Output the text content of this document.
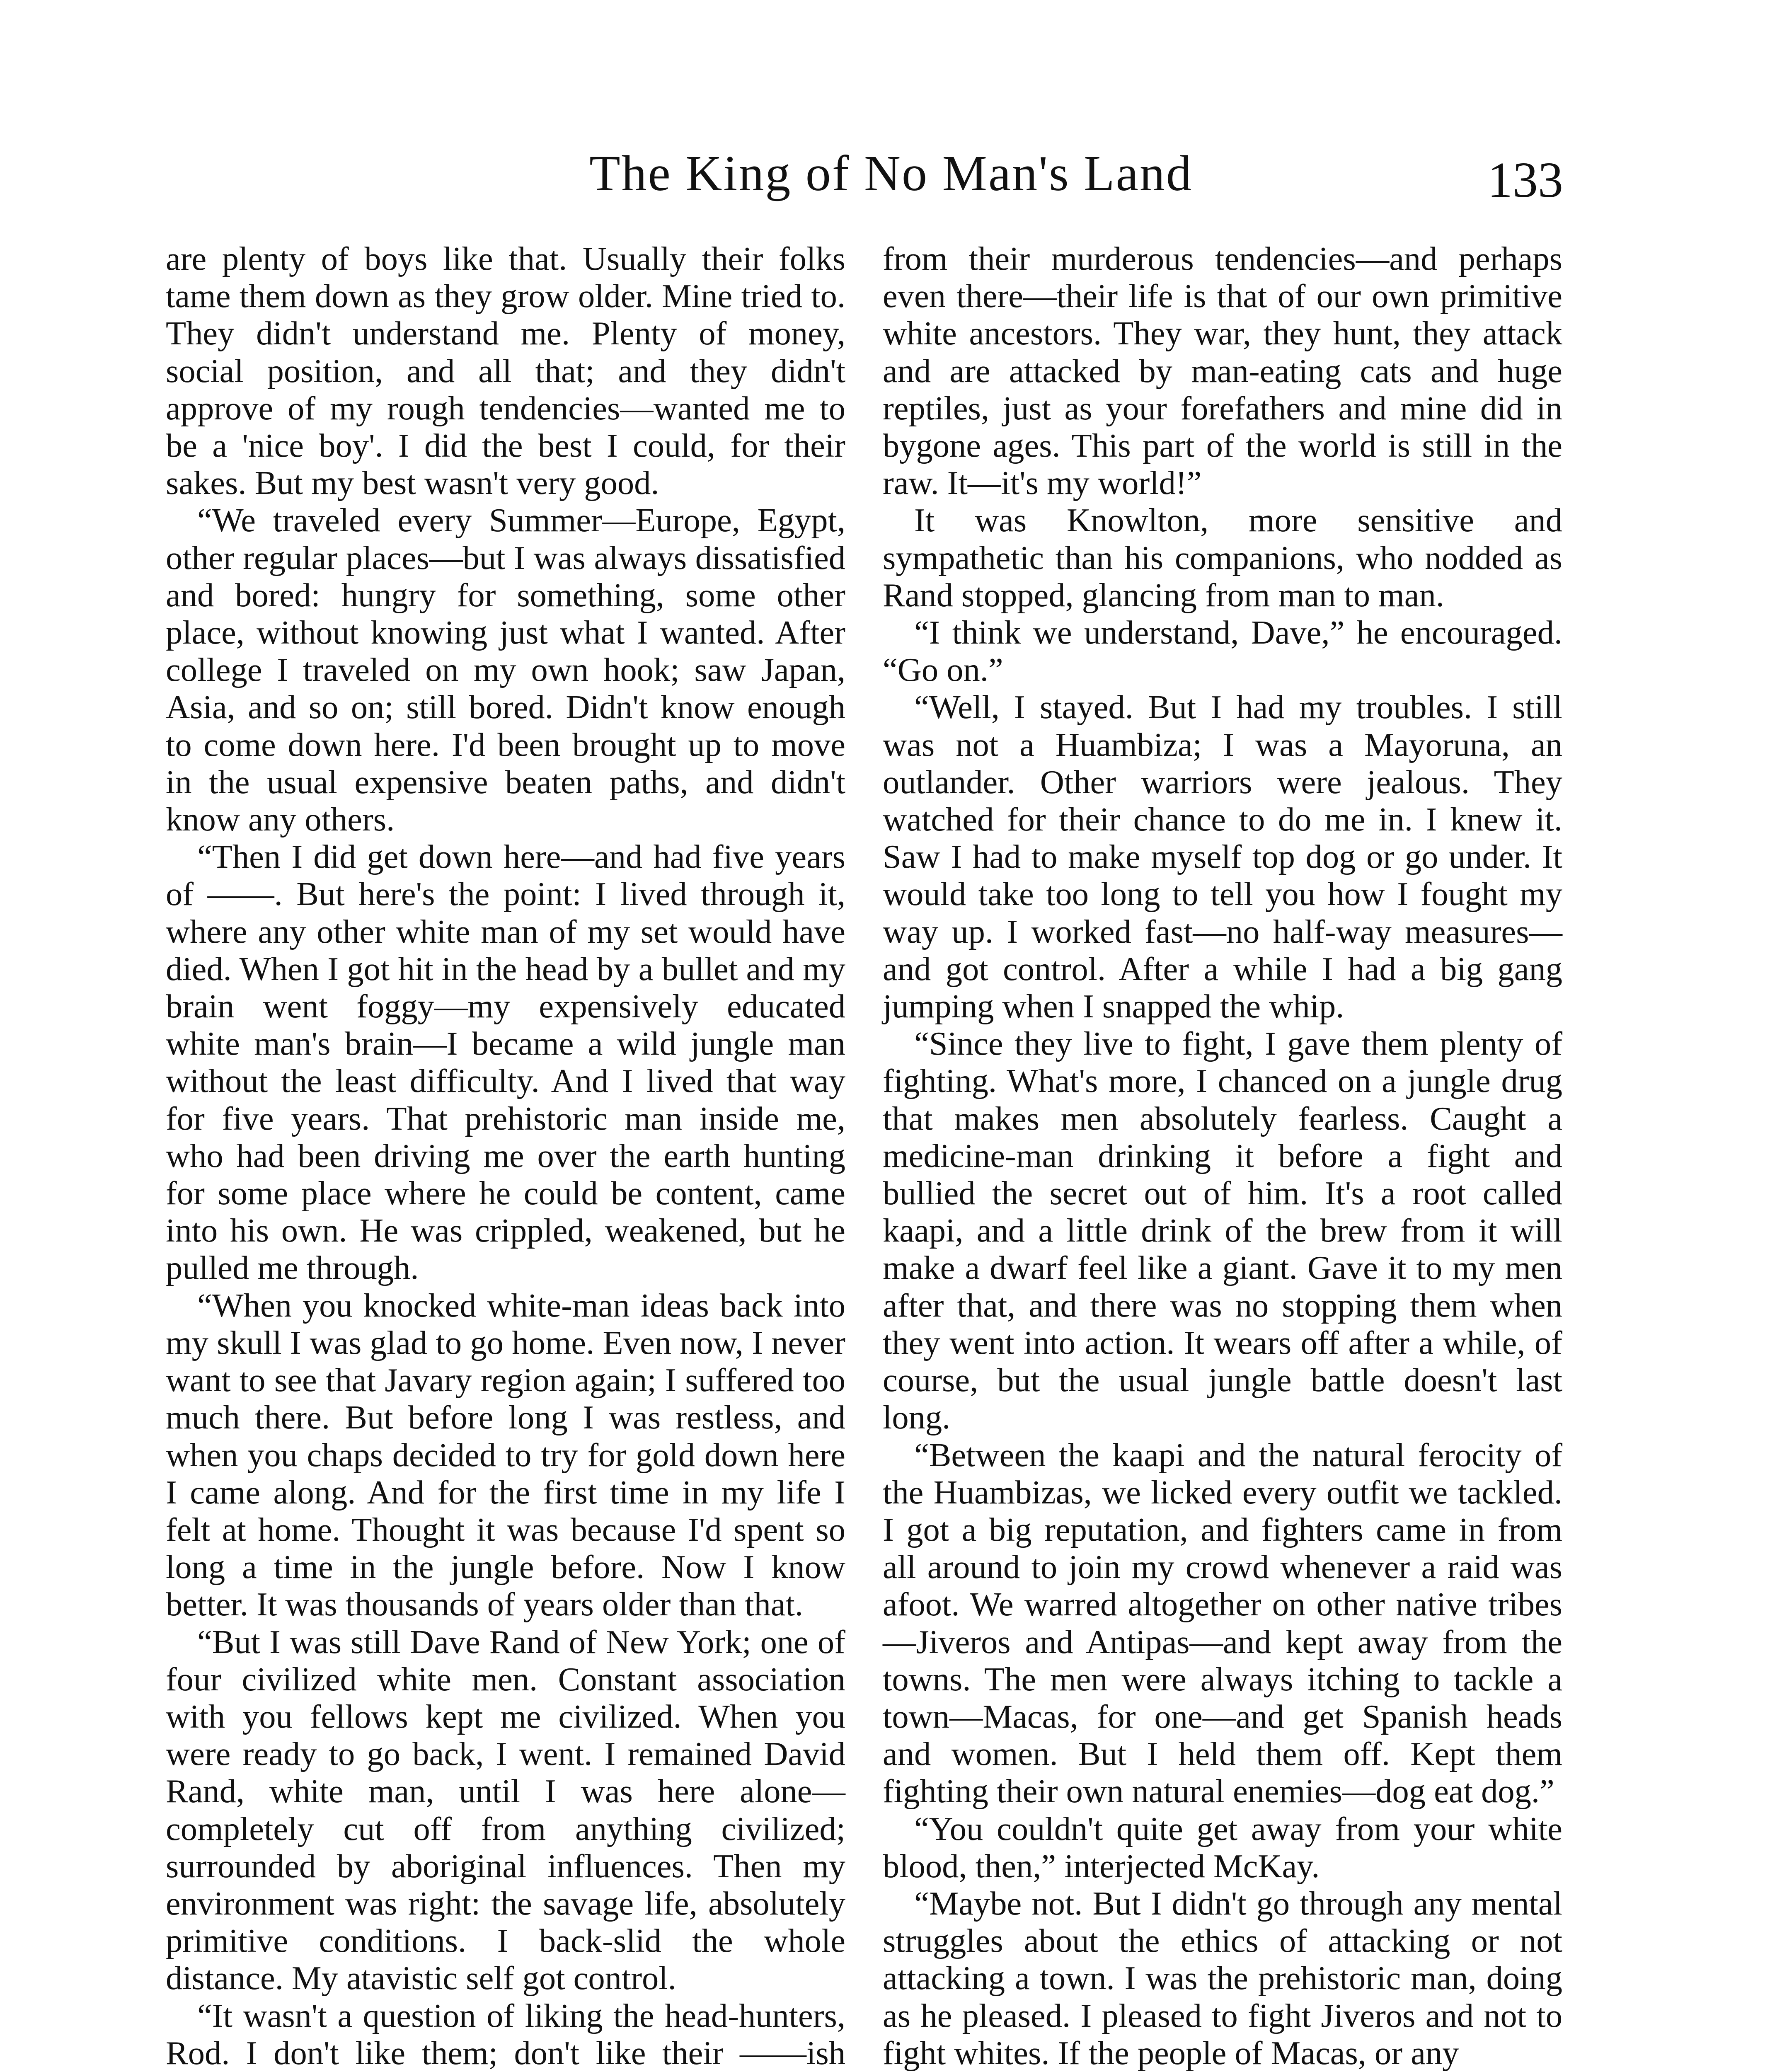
The King of No Man's Land	133

are plenty of boys like that. Usually their folks tame them down as they grow older. Mine tried to. They didn't understand me. Plenty of money, social position, and all that; and they didn't approve of my rough tendencies—wanted me to be a 'nice boy'. I did the best I could, for their sakes. But my best wasn't very good.

“We traveled every Summer—Europe, Egypt, other regular places—but I was always dissatisfied and bored: hungry for something, some other place, without knowing just what I wanted. After college I traveled on my own hook; saw Japan, Asia, and so on; still bored. Didn't know enough to come down here. I'd been brought up to move in the usual expensive beaten paths, and didn't know any others.

“Then I did get down here—and had five years of ——. But here's the point: I lived through it, where any other white man of my set would have died. When I got hit in the head by a bullet and my brain went foggy—my expensively educated white man's brain—I became a wild jungle man without the least difficulty. And I lived that way for five years. That prehistoric man inside me, who had been driving me over the earth hunting for some place where he could be content, came into his own. He was crippled, weakened, but he pulled me through.

“When you knocked white-man ideas back into my skull I was glad to go home. Even now, I never want to see that Javary region again; I suffered too much there. But before long I was restless, and when you chaps decided to try for gold down here I came along. And for the first time in my life I felt at home. Thought it was because I'd spent so long a time in the jungle before. Now I know better. It was thousands of years older than that.

“But I was still Dave Rand of New York; one of four civilized white men. Constant association with you fellows kept me civilized. When you were ready to go back, I went. I remained David Rand, white man, until I was here alone—completely cut off from anything civilized; surrounded by aboriginal influences. Then my environment was right: the savage life, absolutely primitive conditions. I back-slid the whole distance. My atavistic self got control.

“It wasn't a question of liking the head-hunters, Rod. I don't like them; don't like their ——ish

from their murderous tendencies—and perhaps even there—their life is that of our own primitive white ancestors. They war, they hunt, they attack and are attacked by man-eating cats and huge reptiles, just as your forefathers and mine did in bygone ages. This part of the world is still in the raw. It—it's my world!”

It was Knowlton, more sensitive and sympathetic than his companions, who nodded as Rand stopped, glancing from man to man.

“I think we understand, Dave,” he encouraged. “Go on.”

“Well, I stayed. But I had my troubles. I still was not a Huambiza; I was a Mayoruna, an outlander. Other warriors were jealous. They watched for their chance to do me in. I knew it. Saw I had to make myself top dog or go under. It would take too long to tell you how I fought my way up. I worked fast—no half-way measures—and got control. After a while I had a big gang jumping when I snapped the whip.

“Since they live to fight, I gave them plenty of fighting. What's more, I chanced on a jungle drug that makes men absolutely fearless. Caught a medicine-man drinking it before a fight and bullied the secret out of him. It's a root called kaapi, and a little drink of the brew from it will make a dwarf feel like a giant. Gave it to my men after that, and there was no stopping them when they went into action. It wears off after a while, of course, but the usual jungle battle doesn't last long.

“Between the kaapi and the natural ferocity of the Huambizas, we licked every outfit we tackled. I got a big reputation, and fighters came in from all around to join my crowd whenever a raid was afoot. We warred altogether on other native tribes—Jiveros and Antipas—and kept away from the towns. The men were always itching to tackle a town—Macas, for one—and get Spanish heads and women. But I held them off. Kept them fighting their own natural enemies—dog eat dog.”

“You couldn't quite get away from your white blood, then,” interjected McKay.

“Maybe not. But I didn't go through any mental struggles about the ethics of attacking or not attacking a town. I was the prehistoric man, doing as he pleased. I pleased to fight Jiveros and not to fight whites. If the people of Macas, or any
